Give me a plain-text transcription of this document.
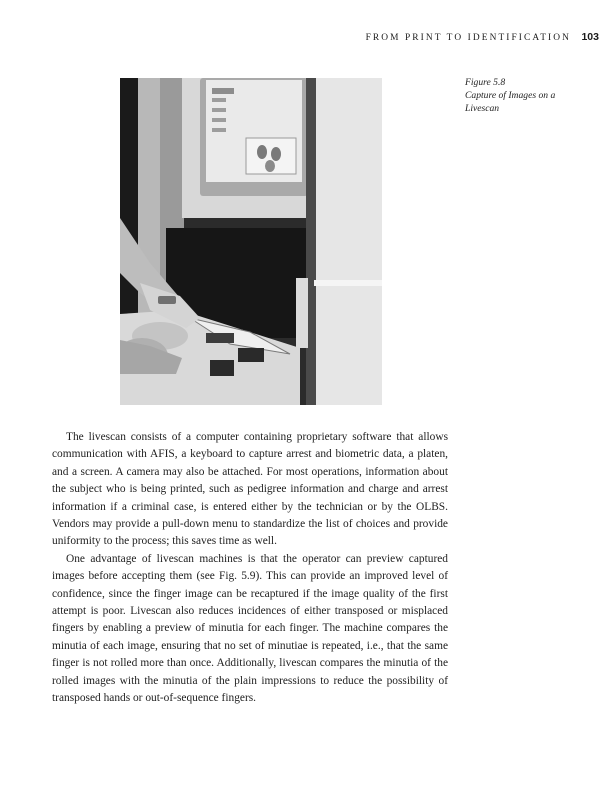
FROM PRINT TO IDENTIFICATION 103
Figure 5.8
Capture of Images on a Livescan

The livescan consists of a computer containing proprietary software that allows communication with AFIS, a keyboard to capture arrest and biometric data, a platen, and a screen. A camera may also be attached. For most operations, information about the subject who is being printed, such as pedigree information and charge and arrest information if a criminal case, is entered either by the technician or by the OLBS. Vendors may provide a pull-down menu to standardize the list of choices and provide uniformity to the process; this saves time as well.

One advantage of livescan machines is that the operator can preview captured images before accepting them (see Fig. 5.9). This can provide an improved level of confidence, since the finger image can be recaptured if the image quality of the first attempt is poor. Livescan also reduces incidences of either transposed or misplaced fingers by enabling a preview of minutia for each finger. The machine compares the minutia of each image, ensuring that no set of minutiae is repeated, i.e., that the same finger is not rolled more than once. Additionally, livescan compares the minutia of the rolled images with the minutia of the plain impressions to reduce the possibility of transposed hands or out-of-sequence fingers.
